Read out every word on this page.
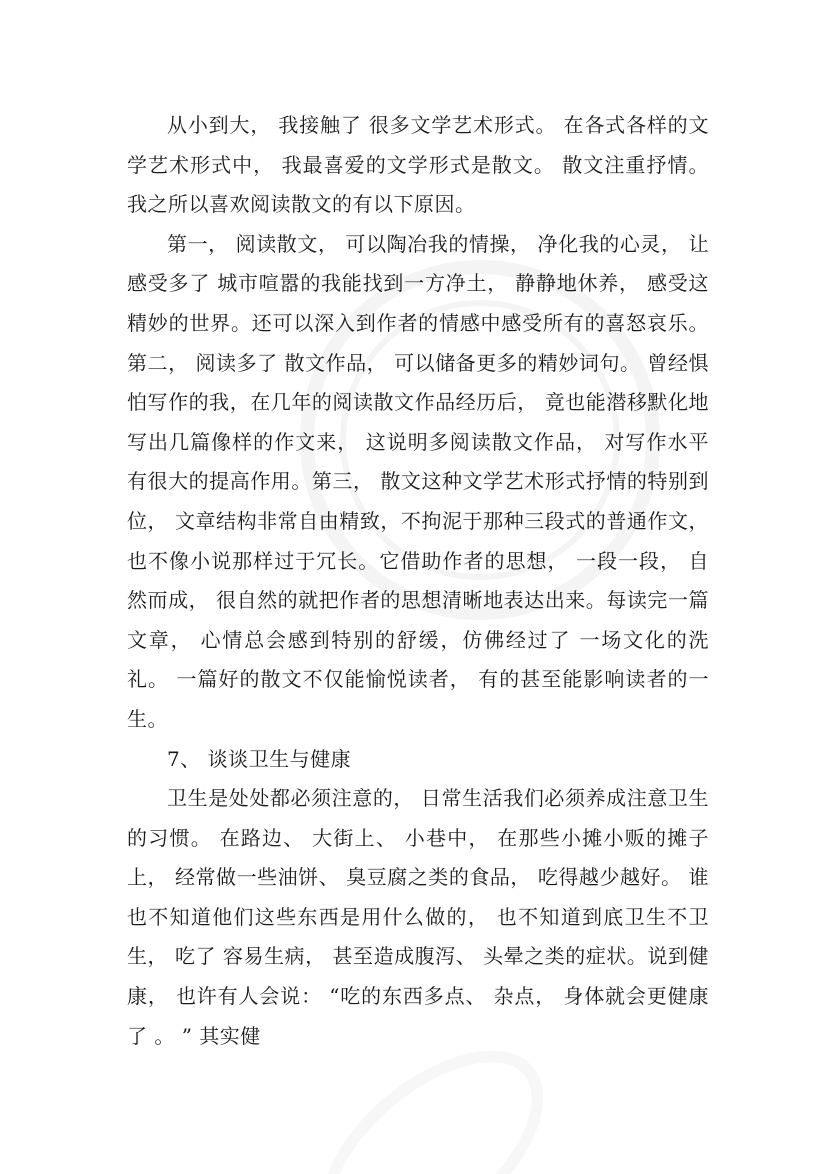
从小到大， 我接触了 很多文学艺术形式。 在各式各样的文学艺术形式中， 我最喜爱的文学形式是散文。 散文注重抒情。我之所以喜欢阅读散文的有以下原因。

第一， 阅读散文， 可以陶冶我的情操， 净化我的心灵， 让感受多了 城市喧嚣的我能找到一方净土， 静静地休养， 感受这精妙的世界。还可以深入到作者的情感中感受所有的喜怒哀乐。第二， 阅读多了 散文作品， 可以储备更多的精妙词句。 曾经惧怕写作的我，在几年的阅读散文作品经历后， 竟也能潜移默化地写出几篇像样的作文来， 这说明多阅读散文作品， 对写作水平有很大的提高作用。第三， 散文这种文学艺术形式抒情的特别到位， 文章结构非常自由精致，不拘泥于那种三段式的普通作文，也不像小说那样过于冗长。它借助作者的思想， 一段一段， 自然而成， 很自然的就把作者的思想清晰地表达出来。每读完一篇文章， 心情总会感到特别的舒缓，仿佛经过了 一场文化的洗礼。 一篇好的散文不仅能愉悦读者， 有的甚至能影响读者的一生。

7、 谈谈卫生与健康

卫生是处处都必须注意的， 日常生活我们必须养成注意卫生的习惯。 在路边、 大街上、 小巷中， 在那些小摊小贩的摊子上， 经常做一些油饼、 臭豆腐之类的食品， 吃得越少越好。 谁也不知道他们这些东西是用什么做的， 也不知道到底卫生不卫生， 吃了 容易生病， 甚至造成腹泻、 头晕之类的症状。说到健康， 也许有人会说： “吃的东西多点、 杂点， 身体就会更健康了 。 ” 其实健
